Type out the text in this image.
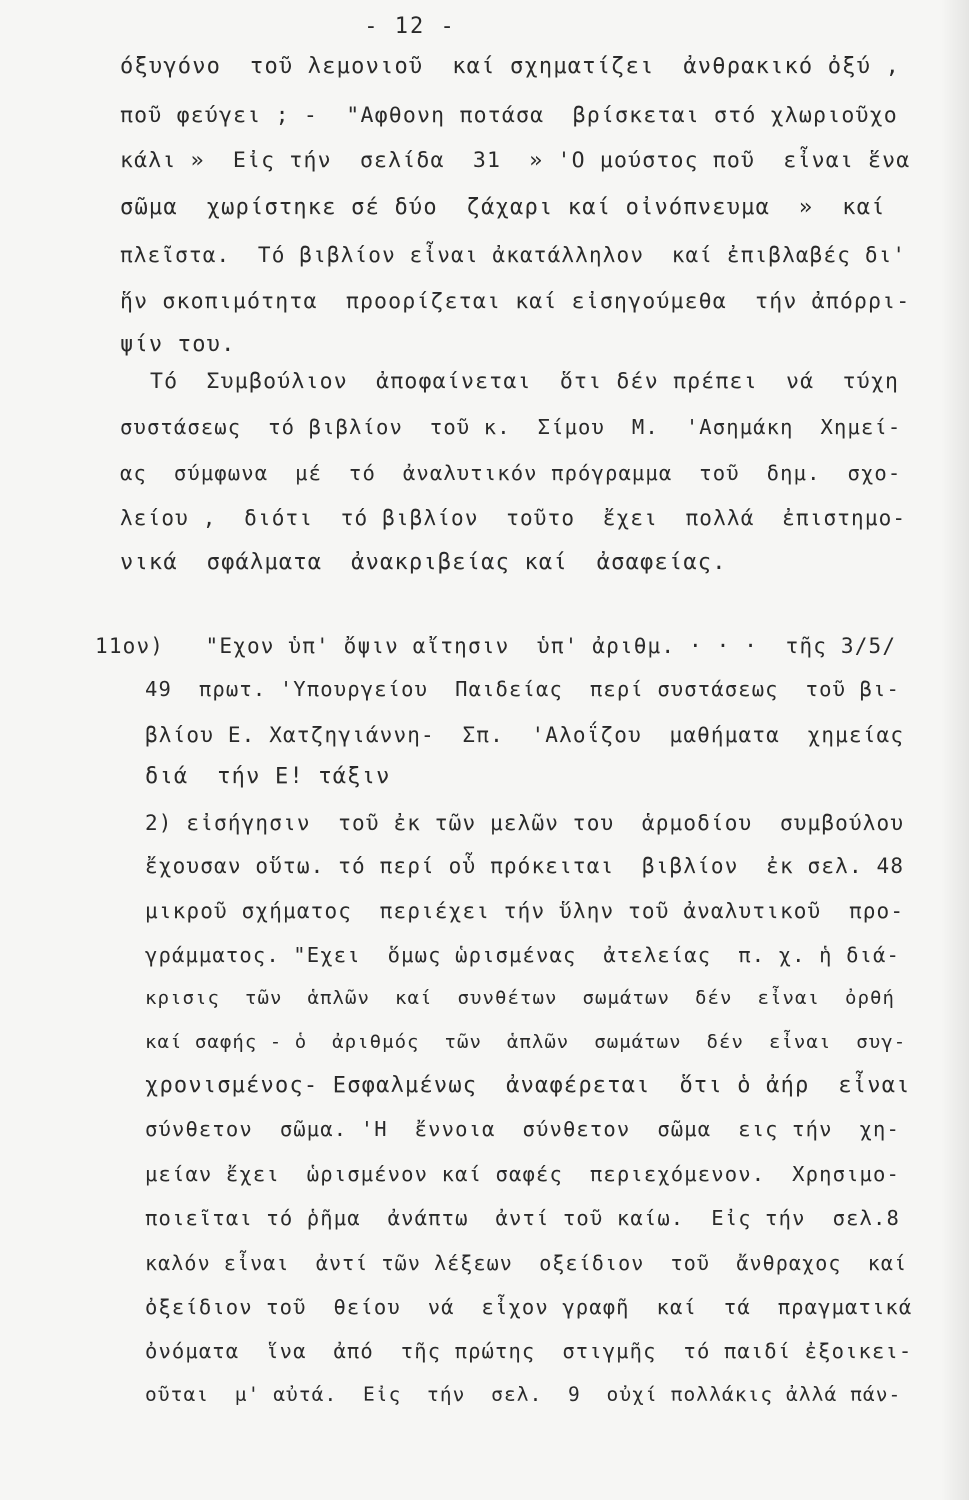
- 12 -
όξυγόνο  τοῦ λεμονιοῦ  καί σχηματίζει  ἀνθρακικό ὀξύ ,
ποῦ φεύγει ; -  "Αφθονη ποτάσα  βρίσκεται στό χλωριοῦχο
κάλι »  Εἰς τήν  σελίδα  31  » 'Ο μούστος ποῦ  εἶναι ἕνα
σῶμα  χωρίστηκε σέ δύο  ζάχαρι καί οἰνόπνευμα  »  καί
πλεῖστα.  Τό βιβλίον εἶναι ἀκατάλληλον  καί ἐπιβλαβές δι'
ἥν σκοπιμότητα  προορίζεται καί εἰσηγούμεθα  τήν ἀπόρρι-
ψίν του.
Τό  Συμβούλιον  ἀποφαίνεται  ὅτι δέν πρέπει  νά  τύχη
συστάσεως  τό βιβλίον  τοῦ κ.  Σίμου  Μ.  'Ασημάκη  Χημεί-
ας  σύμφωνα  μέ  τό  ἀναλυτικόν πρόγραμμα  τοῦ  δημ.  σχο-
λείου ,  διότι  τό βιβλίον  τοῦτο  ἔχει  πολλά  ἐπιστημο-
νικά  σφάλματα  ἀνακριβείας καί  ἀσαφείας.
11ον)   "Εχον ὑπ' ὄψιν αἴτησιν  ὑπ' ἀριθμ. · · ·  τῆς 3/5/
49  πρωτ. 'Υπουργείου  Παιδείας  περί συστάσεως  τοῦ βι-
βλίου Ε. Χατζηγιάννη-  Σπ.  'Αλοΐζου  μαθήματα  χημείας
διά  τήν Ε! τάξιν
2) εἰσήγησιν  τοῦ ἐκ τῶν μελῶν του  ἁρμοδίου  συμβούλου
ἔχουσαν οὕτω. τό περί οὗ πρόκειται  βιβλίον  ἐκ σελ. 48
μικροῦ σχήματος  περιέχει τήν ὕλην τοῦ ἀναλυτικοῦ  προ-
γράμματος. "Εχει  ὅμως ὡρισμένας  ἀτελείας  π. χ. ἡ διά-
κρισις  τῶν  ἁπλῶν  καί  συνθέτων  σωμάτων  δέν  εἶναι  ὀρθή
καί σαφής - ὁ  ἀριθμός  τῶν  ἁπλῶν  σωμάτων  δέν  εἶναι  συγ-
χρονισμένος- Εσφαλμένως  ἀναφέρεται  ὅτι ὁ ἀήρ  εἶναι
σύνθετον  σῶμα. 'Η  ἔννοια  σύνθετον  σῶμα  εις τήν  χη-
μείαν ἔχει  ὡρισμένον καί σαφές  περιεχόμενον.  Χρησιμο-
ποιεῖται τό ῥῆμα  ἀνάπτω  ἀντί τοῦ καίω.  Εἰς τήν  σελ.8
καλόν εἶναι  ἀντί τῶν λέξεων  οξείδιον  τοῦ  ἄνθραχος  καί
ὀξείδιον τοῦ  θείου  νά  εἶχον γραφῆ  καί  τά  πραγματικά
ὀνόματα  ἵνα  ἀπό  τῆς πρώτης  στιγμῆς  τό παιδί ἐξοικει-
οῦται  μ' αὐτά.  Εἰς  τήν  σελ.  9  οὐχί πολλάκις ἀλλά πάν-
